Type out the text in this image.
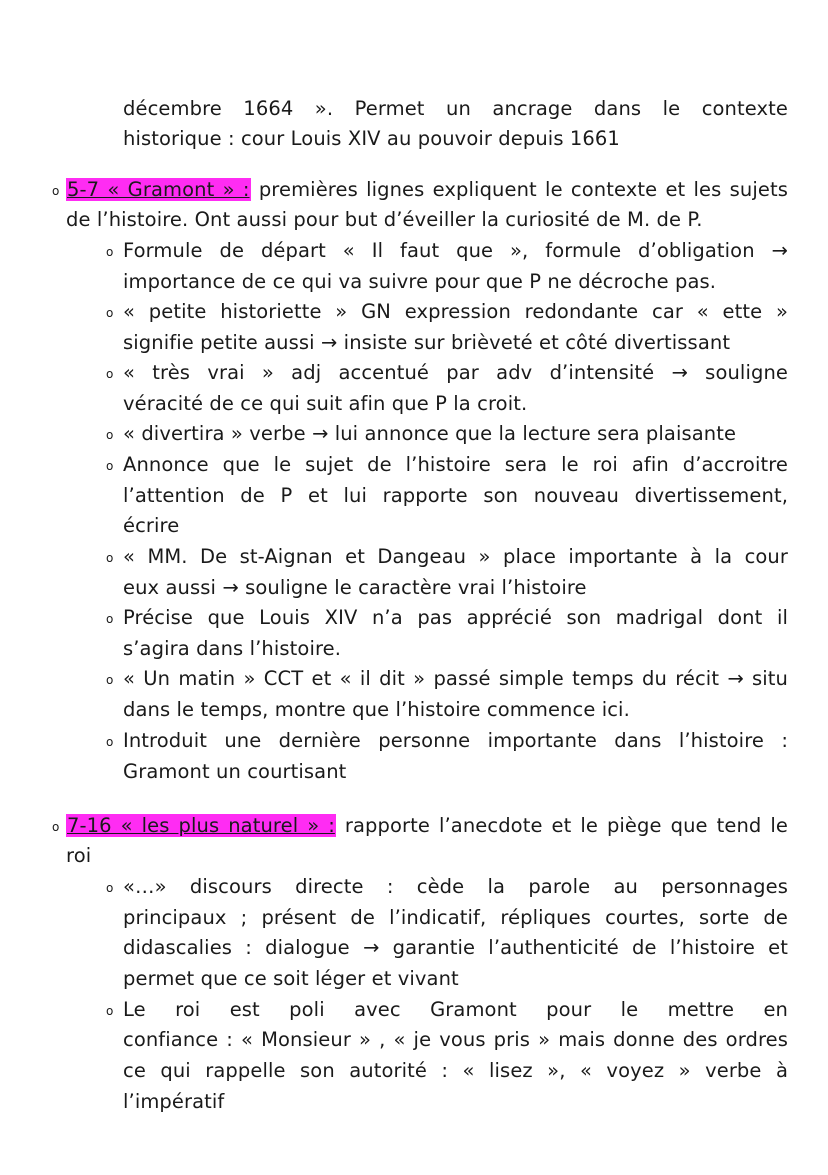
décembre 1664 ». Permet un ancrage dans le contexte
historique : cour Louis XIV au pouvoir depuis 1661
o 5-7 « Gramont » : premières lignes expliquent le contexte et les sujets
de l’histoire. Ont aussi pour but d’éveiller la curiosité de M. de P.
o Formule de départ « Il faut que », formule d’obligation →
importance de ce qui va suivre pour que P ne décroche pas.
o « petite historiette » GN expression redondante car « ette »
signifie petite aussi → insiste sur brièveté et côté divertissant
o « très vrai » adj accentué par adv d’intensité → souligne
véracité de ce qui suit afin que P la croit.
o « divertira » verbe → lui annonce que la lecture sera plaisante
o Annonce que le sujet de l’histoire sera le roi afin d’accroitre
l’attention de P et lui rapporte son nouveau divertissement,
écrire
o « MM. De st-Aignan et Dangeau » place importante à la cour
eux aussi → souligne le caractère vrai l’histoire
o Précise que Louis XIV n’a pas apprécié son madrigal dont il
s’agira dans l’histoire.
o « Un matin » CCT et « il dit » passé simple temps du récit → situ
dans le temps, montre que l’histoire commence ici.
o Introduit une dernière personne importante dans l’histoire :
Gramont un courtisant
o 7-16 « les plus naturel » : rapporte l’anecdote et le piège que tend le
roi
o «…» discours directe : cède la parole au personnages
principaux ; présent de l’indicatif, répliques courtes, sorte de
didascalies : dialogue → garantie l’authenticité de l’histoire et
permet que ce soit léger et vivant
o Le roi est poli avec Gramont pour le mettre en
confiance : « Monsieur » , « je vous pris » mais donne des ordres
ce qui rappelle son autorité : « lisez », « voyez » verbe à
l’impératif
